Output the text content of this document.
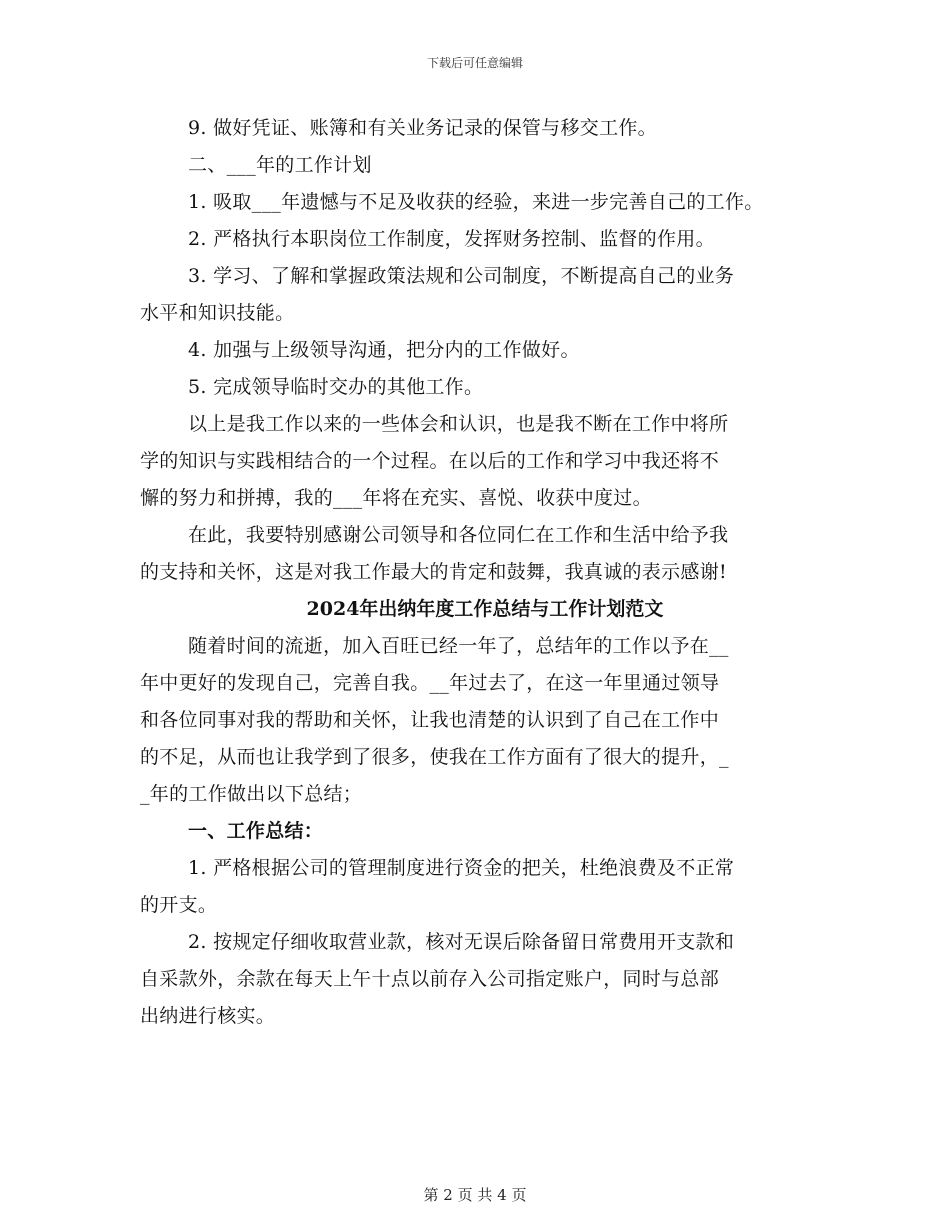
下载后可任意编辑
9. 做好凭证、账簿和有关业务记录的保管与移交工作。
二、___年的工作计划
1. 吸取___年遗憾与不足及收获的经验，来进一步完善自己的工作。
2. 严格执行本职岗位工作制度，发挥财务控制、监督的作用。
3. 学习、了解和掌握政策法规和公司制度，不断提高自己的业务
水平和知识技能。
4. 加强与上级领导沟通，把分内的工作做好。
5. 完成领导临时交办的其他工作。
以上是我工作以来的一些体会和认识，也是我不断在工作中将所
学的知识与实践相结合的一个过程。在以后的工作和学习中我还将不
懈的努力和拼搏，我的___年将在充实、喜悦、收获中度过。
在此，我要特别感谢公司领导和各位同仁在工作和生活中给予我
的支持和关怀，这是对我工作最大的肯定和鼓舞，我真诚的表示感谢!
2024年出纳年度工作总结与工作计划范文
随着时间的流逝，加入百旺已经一年了，总结年的工作以予在__
年中更好的发现自己，完善自我。__年过去了，在这一年里通过领导
和各位同事对我的帮助和关怀，让我也清楚的认识到了自己在工作中
的不足，从而也让我学到了很多，使我在工作方面有了很大的提升，_
_年的工作做出以下总结；
一、工作总结：
1. 严格根据公司的管理制度进行资金的把关，杜绝浪费及不正常
的开支。
2. 按规定仔细收取营业款，核对无误后除备留日常费用开支款和
自采款外，余款在每天上午十点以前存入公司指定账户，同时与总部
出纳进行核实。
第 2 页 共 4 页
